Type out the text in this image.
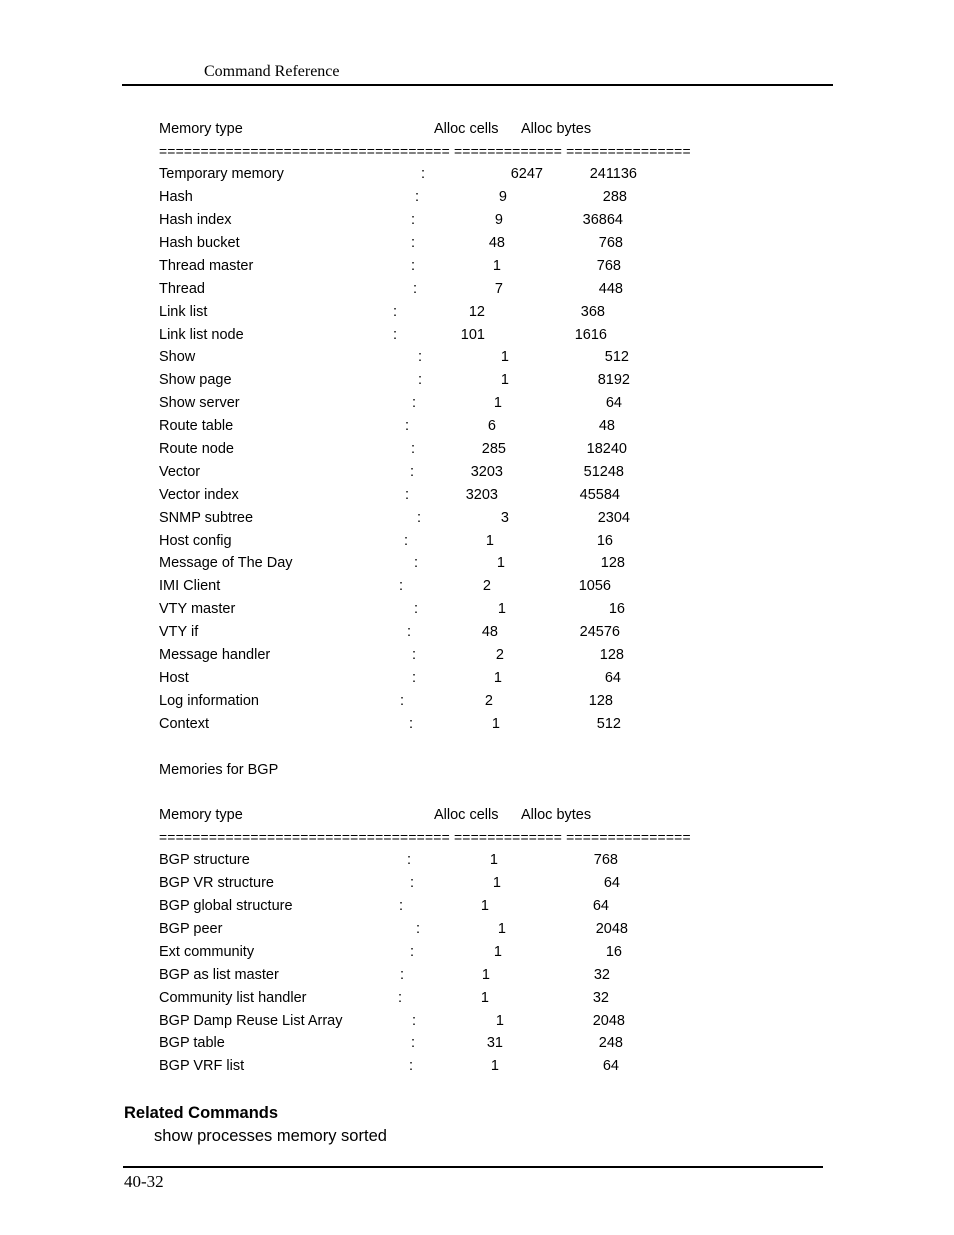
Command Reference
Memory type	Alloc cells Alloc bytes
=================================== ============= ===============
Temporary memory	:	6247	241136
Hash	:	9	288
Hash index	:	9	36864
Hash bucket	:	48	768
Thread master	:	1	768
Thread	:	7	448
Link list	:	12	368
Link list node	:	101	1616
Show	:	1	512
Show page	:	1	8192
Show server	:	1	64
Route table	:	6	48
Route node	:	285	18240
Vector	:	3203	51248
Vector index	:	3203	45584
SNMP subtree	:	3	2304
Host config	:	1	16
Message of The Day	:	1	128
IMI Client	:	2	1056
VTY master	:	1	16
VTY if	:	48	24576
Message handler	:	2	128
Host	:	1	64
Log information	:	2	128
Context	:	1	512
Memories for BGP
Memory type	Alloc cells Alloc bytes
=================================== ============= ===============
BGP structure	:	1	768
BGP VR structure	:	1	64
BGP global structure	:	1	64
BGP peer	:	1	2048
Ext community	:	1	16
BGP as list master	:	1	32
Community list handler	:	1	32
BGP Damp Reuse List Array	:	1	2048
BGP table	:	31	248
BGP VRF list	:	1	64
Related Commands
show processes memory sorted
40-32
